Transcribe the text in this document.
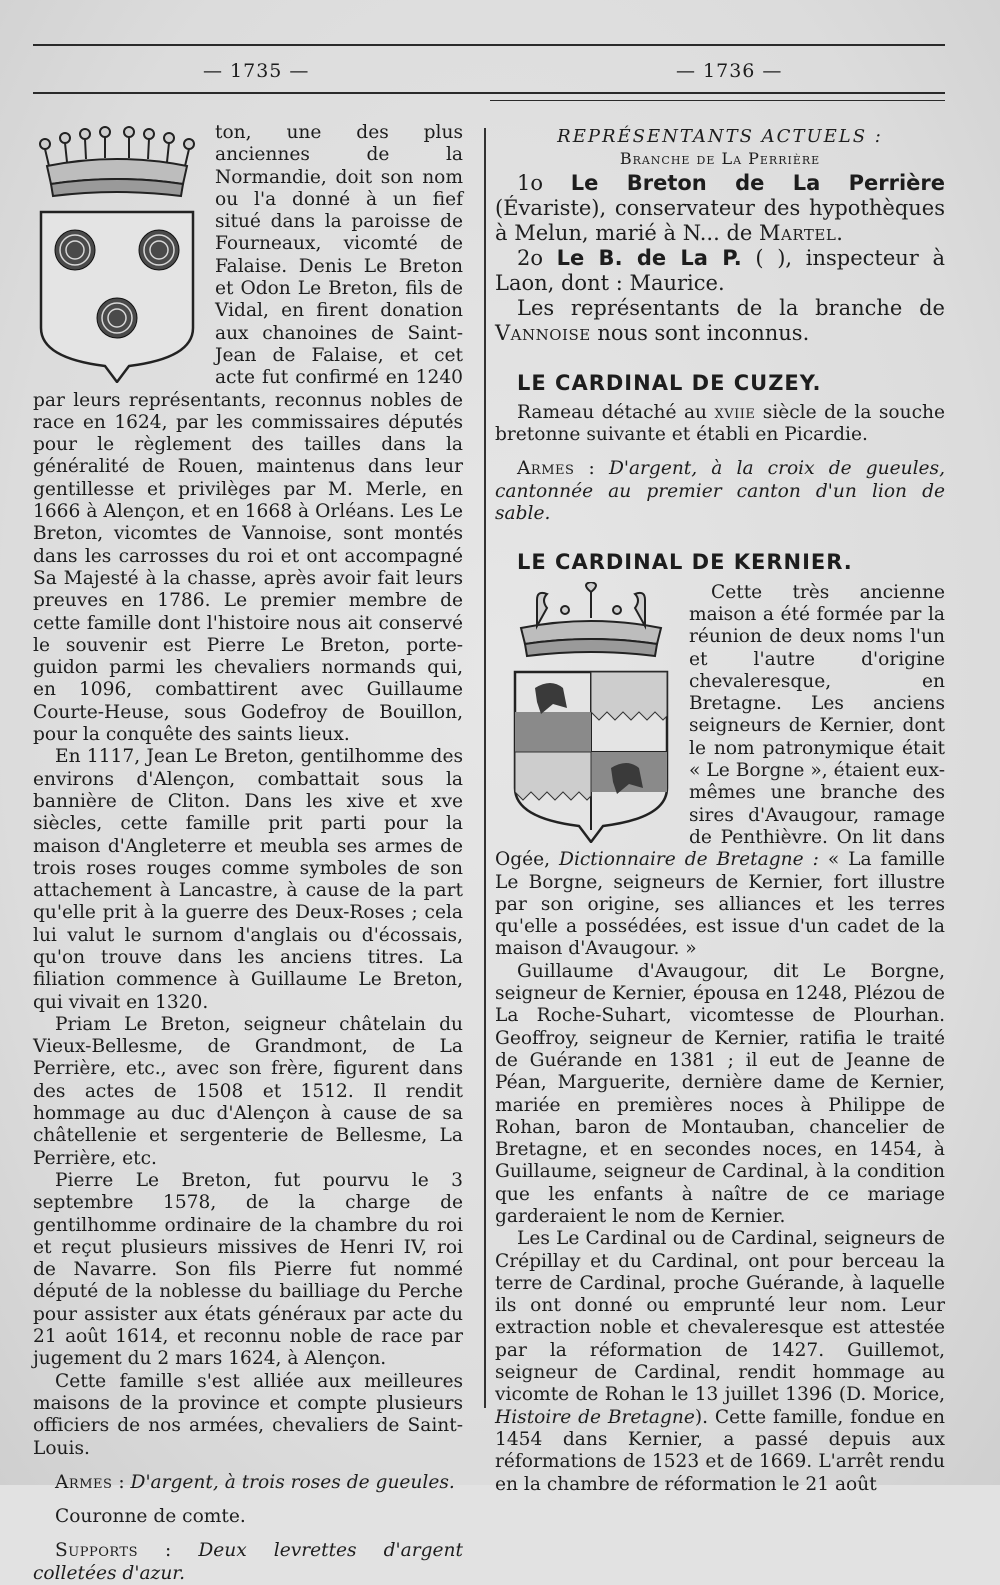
— 1735 —	— 1736 —

ton, une des plus anciennes de la Normandie, doit son nom ou l'a donné à un fief situé dans la paroisse de Fourneaux, vicomté de Falaise. Denis Le Breton et Odon Le Breton, fils de Vidal, en firent donation aux chanoines de Saint-Jean de Falaise, et cet acte fut confirmé en 1240 par leurs représentants, reconnus nobles de race en 1624, par les commissaires députés pour le règlement des tailles dans la généralité de Rouen, maintenus dans leur gentillesse et privilèges par M. Merle, en 1666 à Alençon, et en 1668 à Orléans. Les Le Breton, vicomtes de Vannoise, sont montés dans les carrosses du roi et ont accompagné Sa Majesté à la chasse, après avoir fait leurs preuves en 1786. Le premier membre de cette famille dont l'histoire nous ait conservé le souvenir est Pierre Le Breton, porte-guidon parmi les chevaliers normands qui, en 1096, combattirent avec Guillaume Courte-Heuse, sous Godefroy de Bouillon, pour la conquête des saints lieux.

En 1117, Jean Le Breton, gentilhomme des environs d'Alençon, combattait sous la bannière de Cliton. Dans les xive et xve siècles, cette famille prit parti pour la maison d'Angleterre et meubla ses armes de trois roses rouges comme symboles de son attachement à Lancastre, à cause de la part qu'elle prit à la guerre des Deux-Roses ; cela lui valut le surnom d'anglais ou d'écossais, qu'on trouve dans les anciens titres. La filiation commence à Guillaume Le Breton, qui vivait en 1320.

Priam Le Breton, seigneur châtelain du Vieux-Bellesme, de Grandmont, de La Perrière, etc., avec son frère, figurent dans des actes de 1508 et 1512. Il rendit hommage au duc d'Alençon à cause de sa châtellenie et sergenterie de Bellesme, La Perrière, etc.

Pierre Le Breton, fut pourvu le 3 septembre 1578, de la charge de gentilhomme ordinaire de la chambre du roi et reçut plusieurs missives de Henri IV, roi de Navarre. Son fils Pierre fut nommé député de la noblesse du bailliage du Perche pour assister aux états généraux par acte du 21 août 1614, et reconnu noble de race par jugement du 2 mars 1624, à Alençon.

Cette famille s'est alliée aux meilleures maisons de la province et compte plusieurs officiers de nos armées, chevaliers de Saint-Louis.

Armes : D'argent, à trois roses de gueules.

Couronne de comte.

Supports : Deux levrettes d'argent colletées d'azur.

REPRÉSENTANTS ACTUELS :

Branche de La Perrière

1o Le Breton de La Perrière (Évariste), conservateur des hypothèques à Melun, marié à N... de Martel.

2o Le B. de La P. ( ), inspecteur à Laon, dont : Maurice.

Les représentants de la branche de Vannoise nous sont inconnus.

LE CARDINAL DE CUZEY.

Rameau détaché au xviie siècle de la souche bretonne suivante et établi en Picardie.

Armes : D'argent, à la croix de gueules, cantonnée au premier canton d'un lion de sable.

LE CARDINAL DE KERNIER.

Cette très ancienne maison a été formée par la réunion de deux noms l'un et l'autre d'origine chevaleresque, en Bretagne. Les anciens seigneurs de Kernier, dont le nom patronymique était « Le Borgne », étaient eux-mêmes une branche des sires d'Avaugour, ramage de Penthièvre. On lit dans Ogée, Dictionnaire de Bretagne : « La famille Le Borgne, seigneurs de Kernier, fort illustre par son origine, ses alliances et les terres qu'elle a possédées, est issue d'un cadet de la maison d'Avaugour. »

Guillaume d'Avaugour, dit Le Borgne, seigneur de Kernier, épousa en 1248, Plézou de La Roche-Suhart, vicomtesse de Plourhan. Geoffroy, seigneur de Kernier, ratifia le traité de Guérande en 1381 ; il eut de Jeanne de Péan, Marguerite, dernière dame de Kernier, mariée en premières noces à Philippe de Rohan, baron de Montauban, chancelier de Bretagne, et en secondes noces, en 1454, à Guillaume, seigneur de Cardinal, à la condition que les enfants à naître de ce mariage garderaient le nom de Kernier.

Les Le Cardinal ou de Cardinal, seigneurs de Crépillay et du Cardinal, ont pour berceau la terre de Cardinal, proche Guérande, à laquelle ils ont donné ou emprunté leur nom. Leur extraction noble et chevaleresque est attestée par la réformation de 1427. Guillemot, seigneur de Cardinal, rendit hommage au vicomte de Rohan le 13 juillet 1396 (D. Morice, Histoire de Bretagne). Cette famille, fondue en 1454 dans Kernier, a passé depuis aux réformations de 1523 et de 1669. L'arrêt rendu en la chambre de réformation le 21 août
